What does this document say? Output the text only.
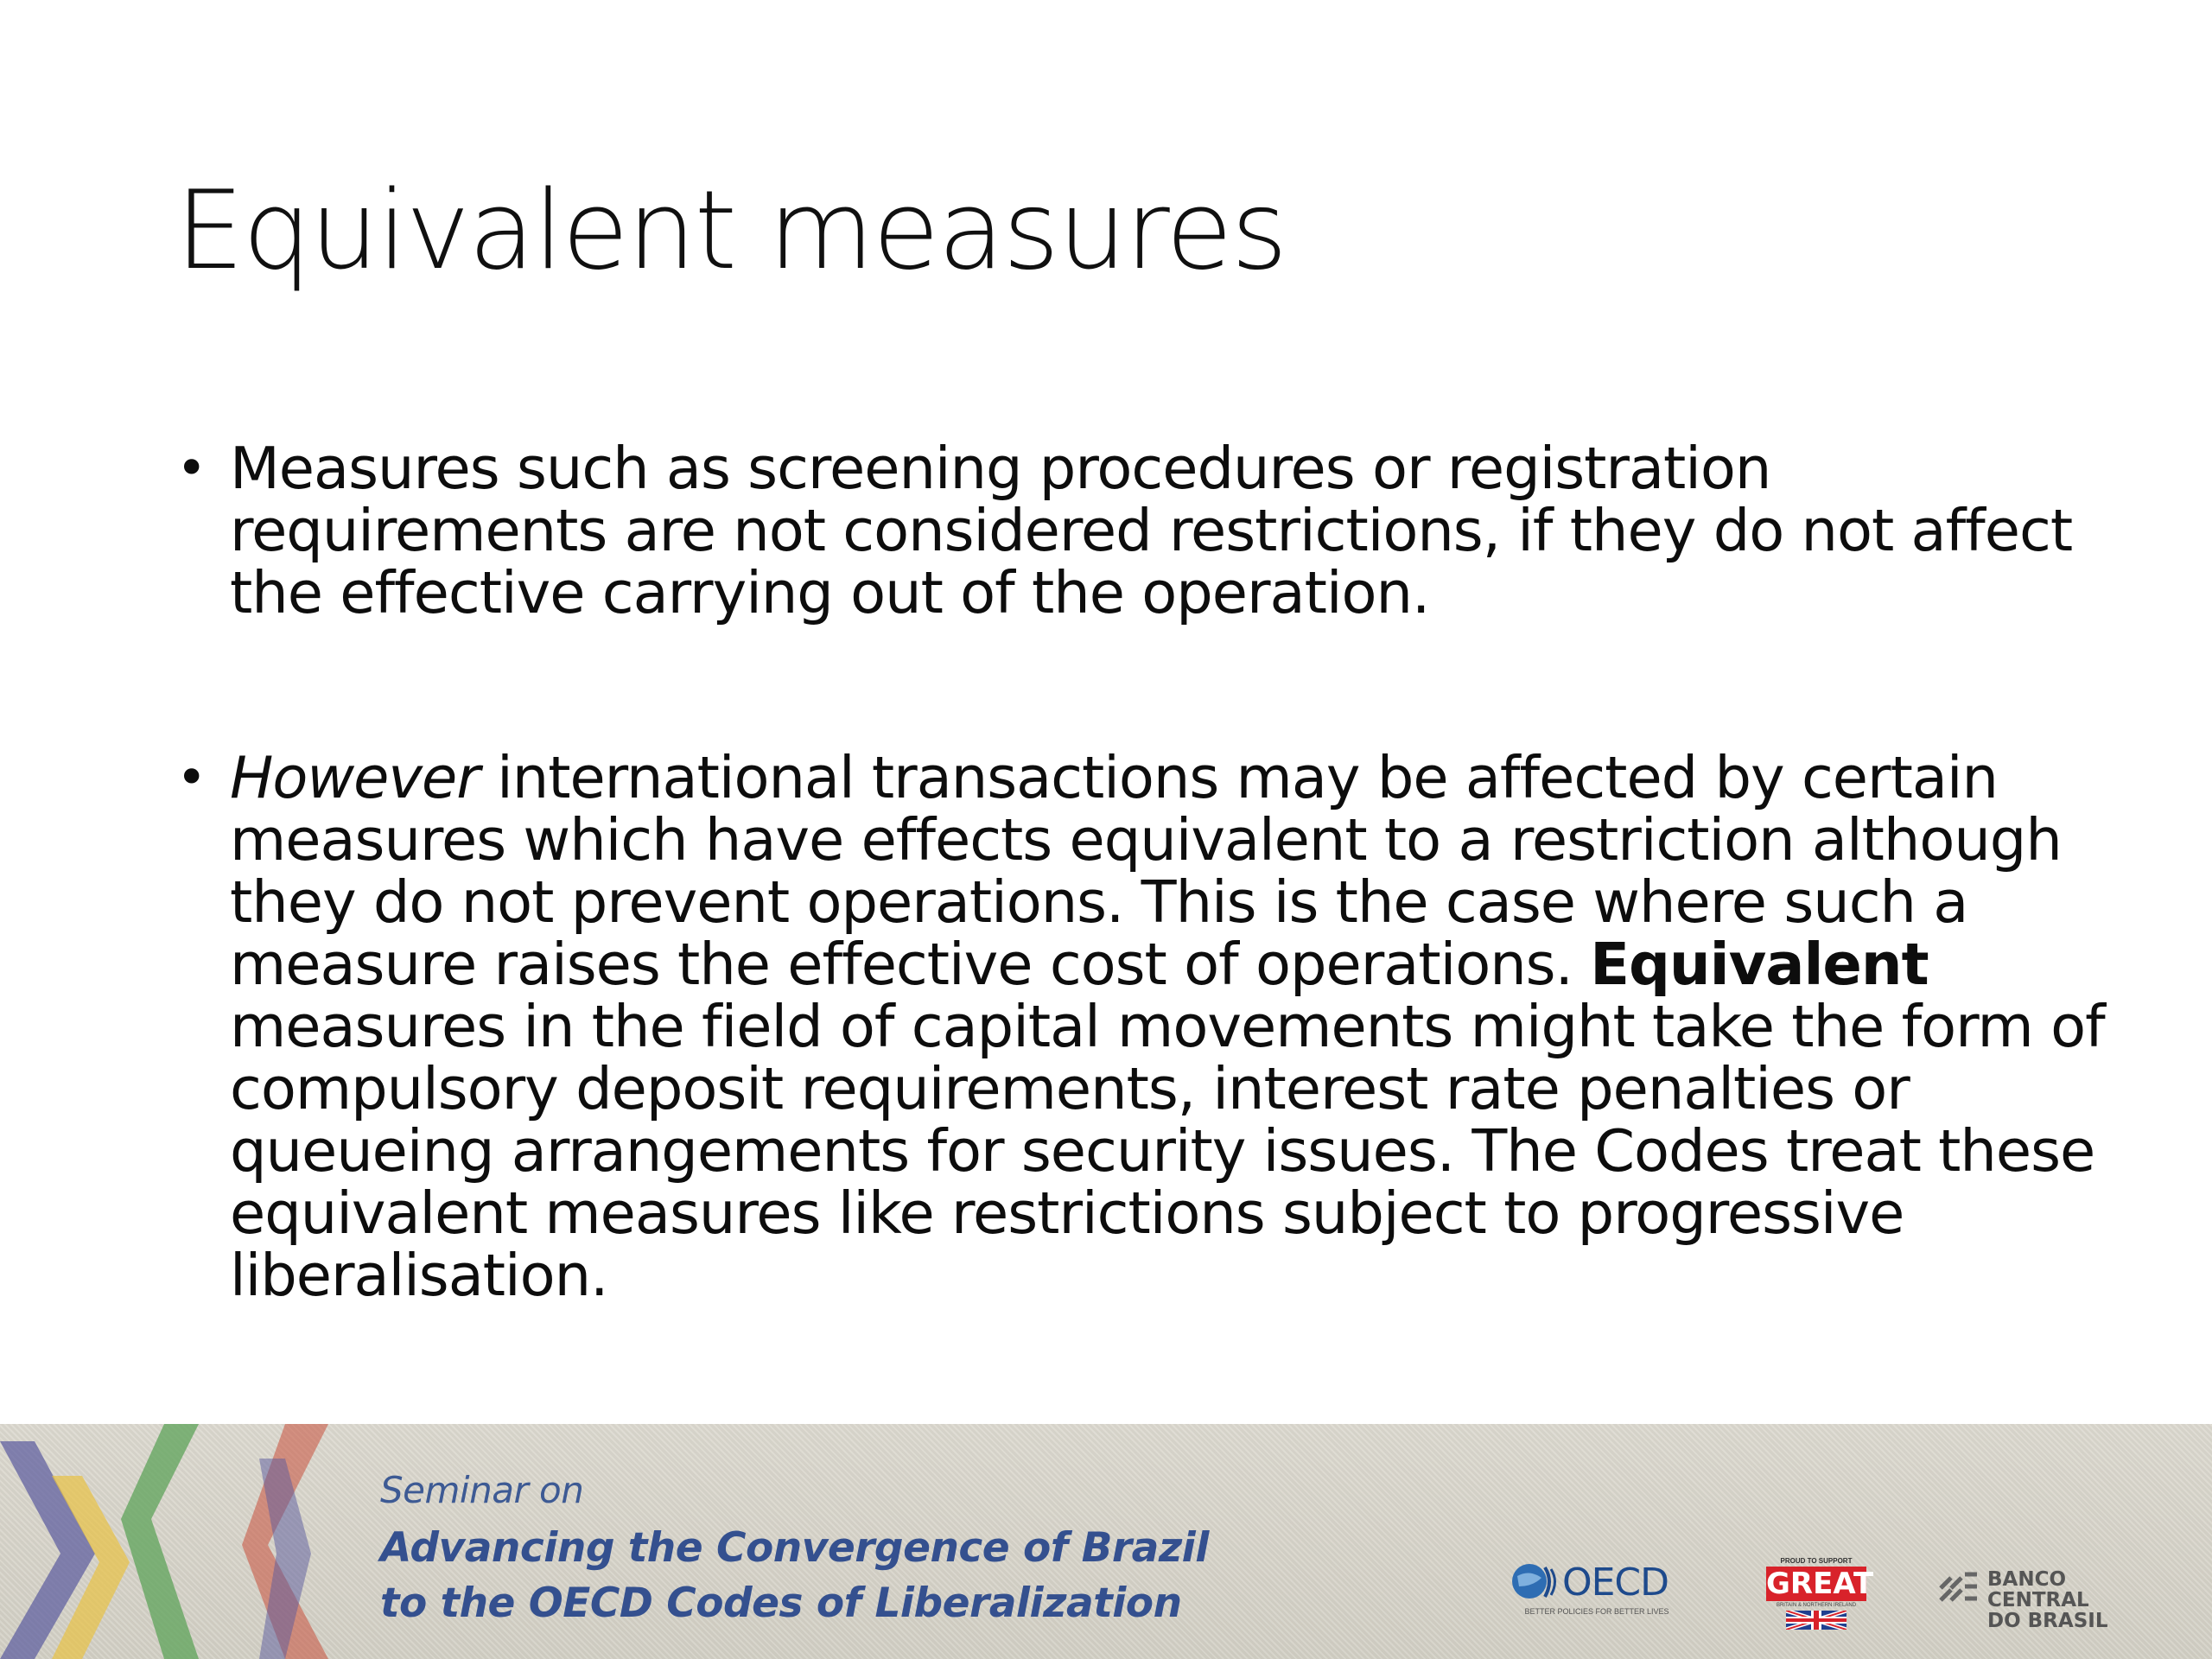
Equivalent measures
• Measures such as screening procedures or registration requirements are not considered restrictions, if they do not affect the effective carrying out of the operation.
• However international transactions may be affected by certain measures which have effects equivalent to a restriction although they do not prevent operations. This is the case where such a measure raises the effective cost of operations. Equivalent measures in the field of capital movements might take the form of compulsory deposit requirements, interest rate penalties or queueing arrangements for security issues. The Codes treat these equivalent measures like restrictions subject to progressive liberalisation.
Seminar on
Advancing the Convergence of Brazil
to the OECD Codes of Liberalization	OECD
BETTER POLICIES FOR BETTER LIVES
PROUD TO SUPPORT
GREAT
BRITAIN & NORTHERN IRELAND
BANCO CENTRAL
DO BRASIL
